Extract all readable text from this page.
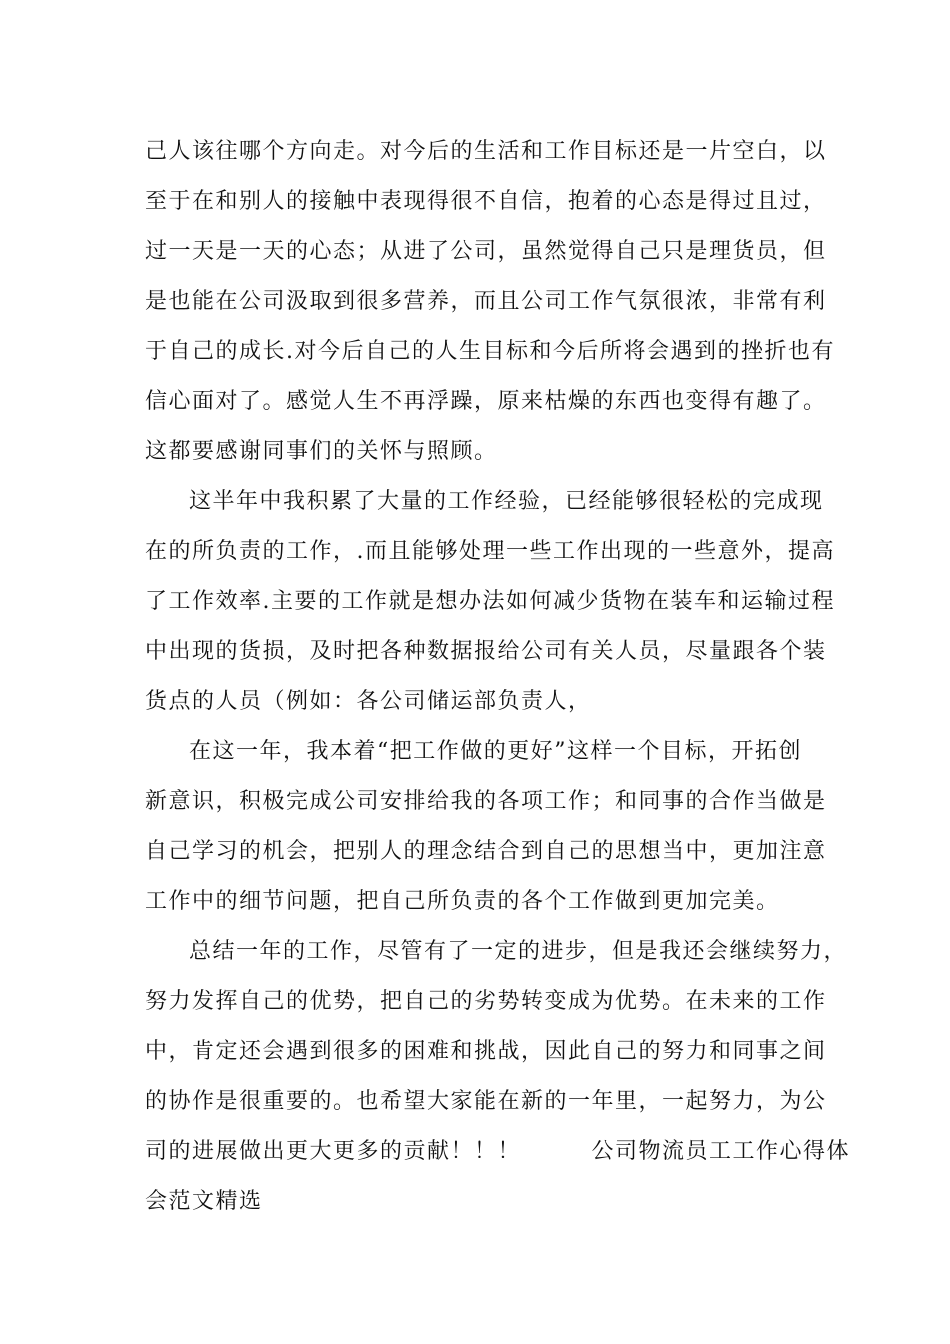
己人该往哪个方向走。对今后的生活和工作目标还是一片空白，以
至于在和别人的接触中表现得很不自信，抱着的心态是得过且过，
过一天是一天的心态；从进了公司，虽然觉得自己只是理货员，但
是也能在公司汲取到很多营养，而且公司工作气氛很浓，非常有利
于自己的成长.对今后自己的人生目标和今后所将会遇到的挫折也有
信心面对了。感觉人生不再浮躁，原来枯燥的东西也变得有趣了。
这都要感谢同事们的关怀与照顾。
这半年中我积累了大量的工作经验，已经能够很轻松的完成现
在的所负责的工作，.而且能够处理一些工作出现的一些意外，提高
了工作效率.主要的工作就是想办法如何减少货物在装车和运输过程
中出现的货损，及时把各种数据报给公司有关人员，尽量跟各个装
货点的人员（例如：各公司储运部负责人，
在这一年，我本着“把工作做的更好”这样一个目标，开拓创
新意识，积极完成公司安排给我的各项工作；和同事的合作当做是
自己学习的机会，把别人的理念结合到自己的思想当中，更加注意
工作中的细节问题，把自己所负责的各个工作做到更加完美。
总结一年的工作，尽管有了一定的进步，但是我还会继续努力，
努力发挥自己的优势，把自己的劣势转变成为优势。在未来的工作
中，肯定还会遇到很多的困难和挑战，因此自己的努力和同事之间
的协作是很重要的。也希望大家能在新的一年里，一起努力，为公
司的进展做出更大更多的贡献！！！　　　公司物流员工工作心得体
会范文精选
